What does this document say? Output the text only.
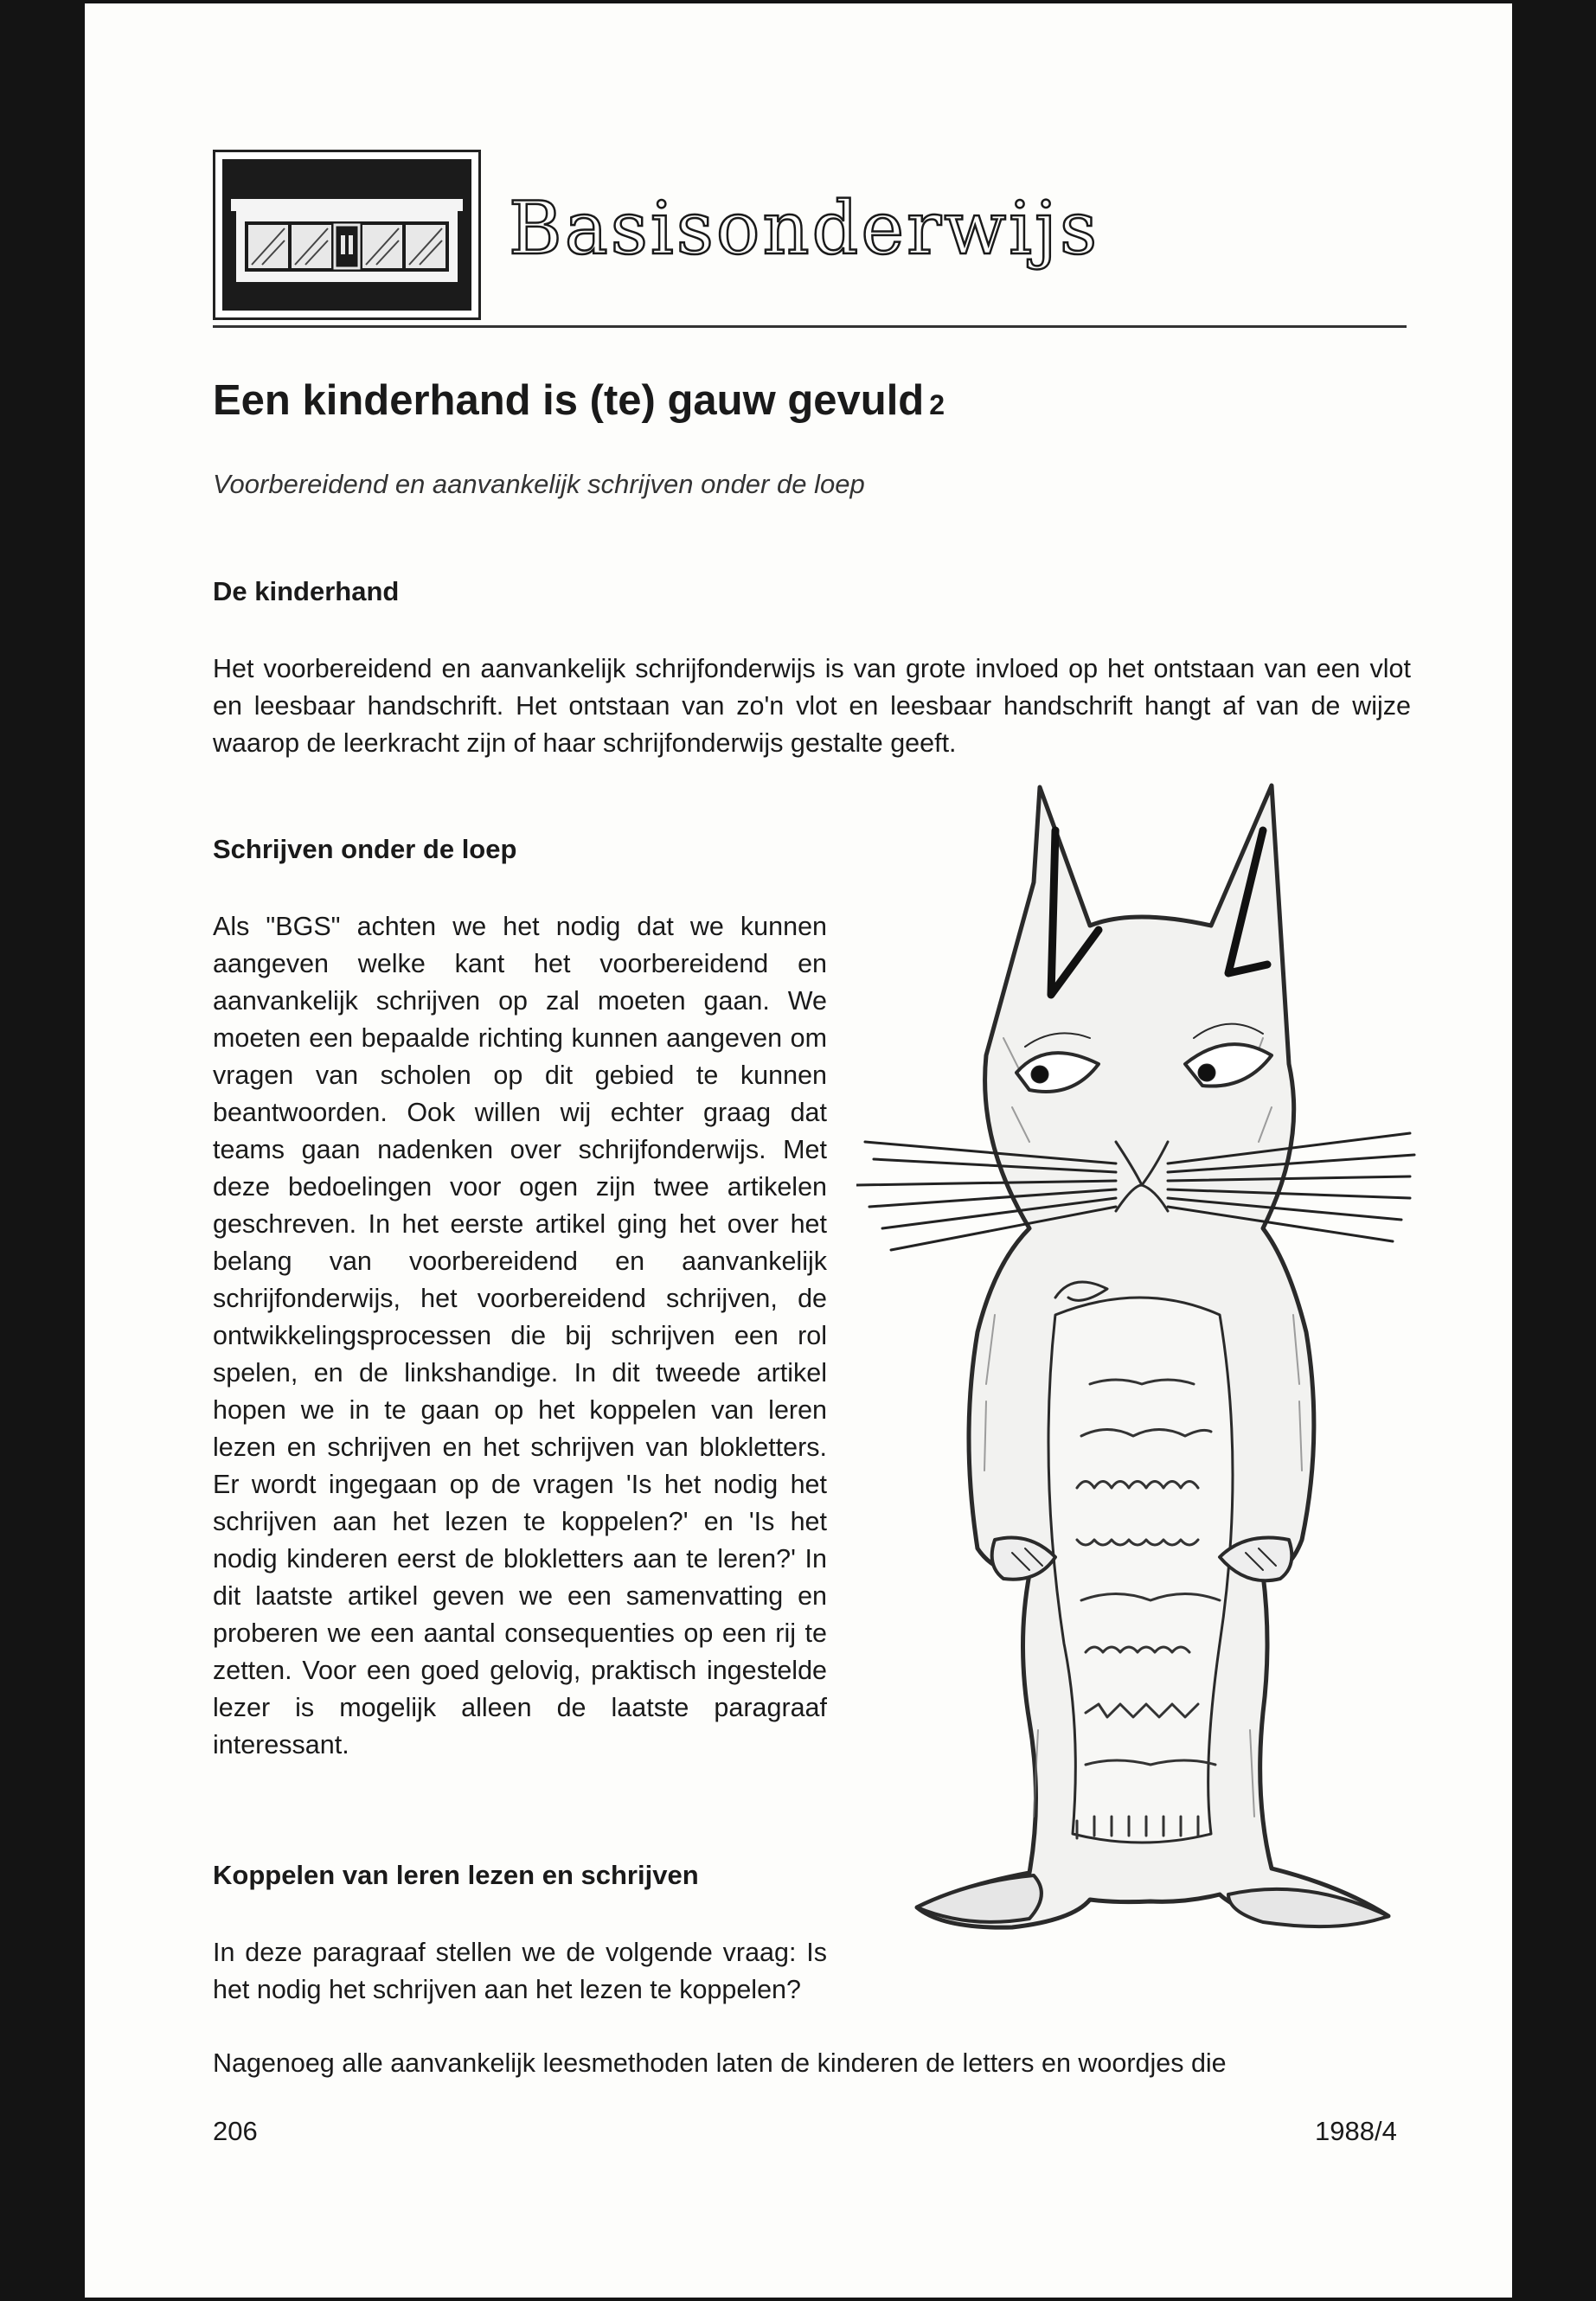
Basisonderwijs
Een kinderhand is (te) gauw gevuld 2
Voorbereidend en aanvankelijk schrijven onder de loep
De kinderhand
Het voorbereidend en aanvankelijk schrijfonderwijs is van grote invloed op het ontstaan van een vlot en leesbaar handschrift. Het ontstaan van zo'n vlot en leesbaar handschrift hangt af van de wijze waarop de leerkracht zijn of haar schrijfonderwijs gestalte geeft.
Schrijven onder de loep
Als "BGS" achten we het nodig dat we kunnen aangeven welke kant het voorbereidend en aanvankelijk schrijven op zal moeten gaan. We moeten een bepaalde richting kunnen aangeven om vragen van scholen op dit gebied te kunnen beantwoorden. Ook willen wij echter graag dat teams gaan nadenken over schrijfonderwijs. Met deze bedoelingen voor ogen zijn twee artikelen geschreven. In het eerste artikel ging het over het belang van voorbereidend en aanvankelijk schrijfonderwijs, het voorbereidend schrijven, de ontwikkelingsprocessen die bij schrijven een rol spelen, en de linkshandige. In dit tweede artikel hopen we in te gaan op het koppelen van leren lezen en schrijven en het schrijven van blokletters. Er wordt ingegaan op de vragen 'Is het nodig het schrijven aan het lezen te koppelen?' en 'Is het nodig kinderen eerst de blokletters aan te leren?' In dit laatste artikel geven we een samenvatting en proberen we een aantal consequenties op een rij te zetten. Voor een goed gelovig, praktisch ingestelde lezer is mogelijk alleen de laatste paragraaf interessant.
Koppelen van leren lezen en schrijven
In deze paragraaf stellen we de volgende vraag: Is het nodig het schrijven aan het lezen te koppelen?
Nagenoeg alle aanvankelijk leesmethoden laten de kinderen de letters en woordjes die
206	1988/4
